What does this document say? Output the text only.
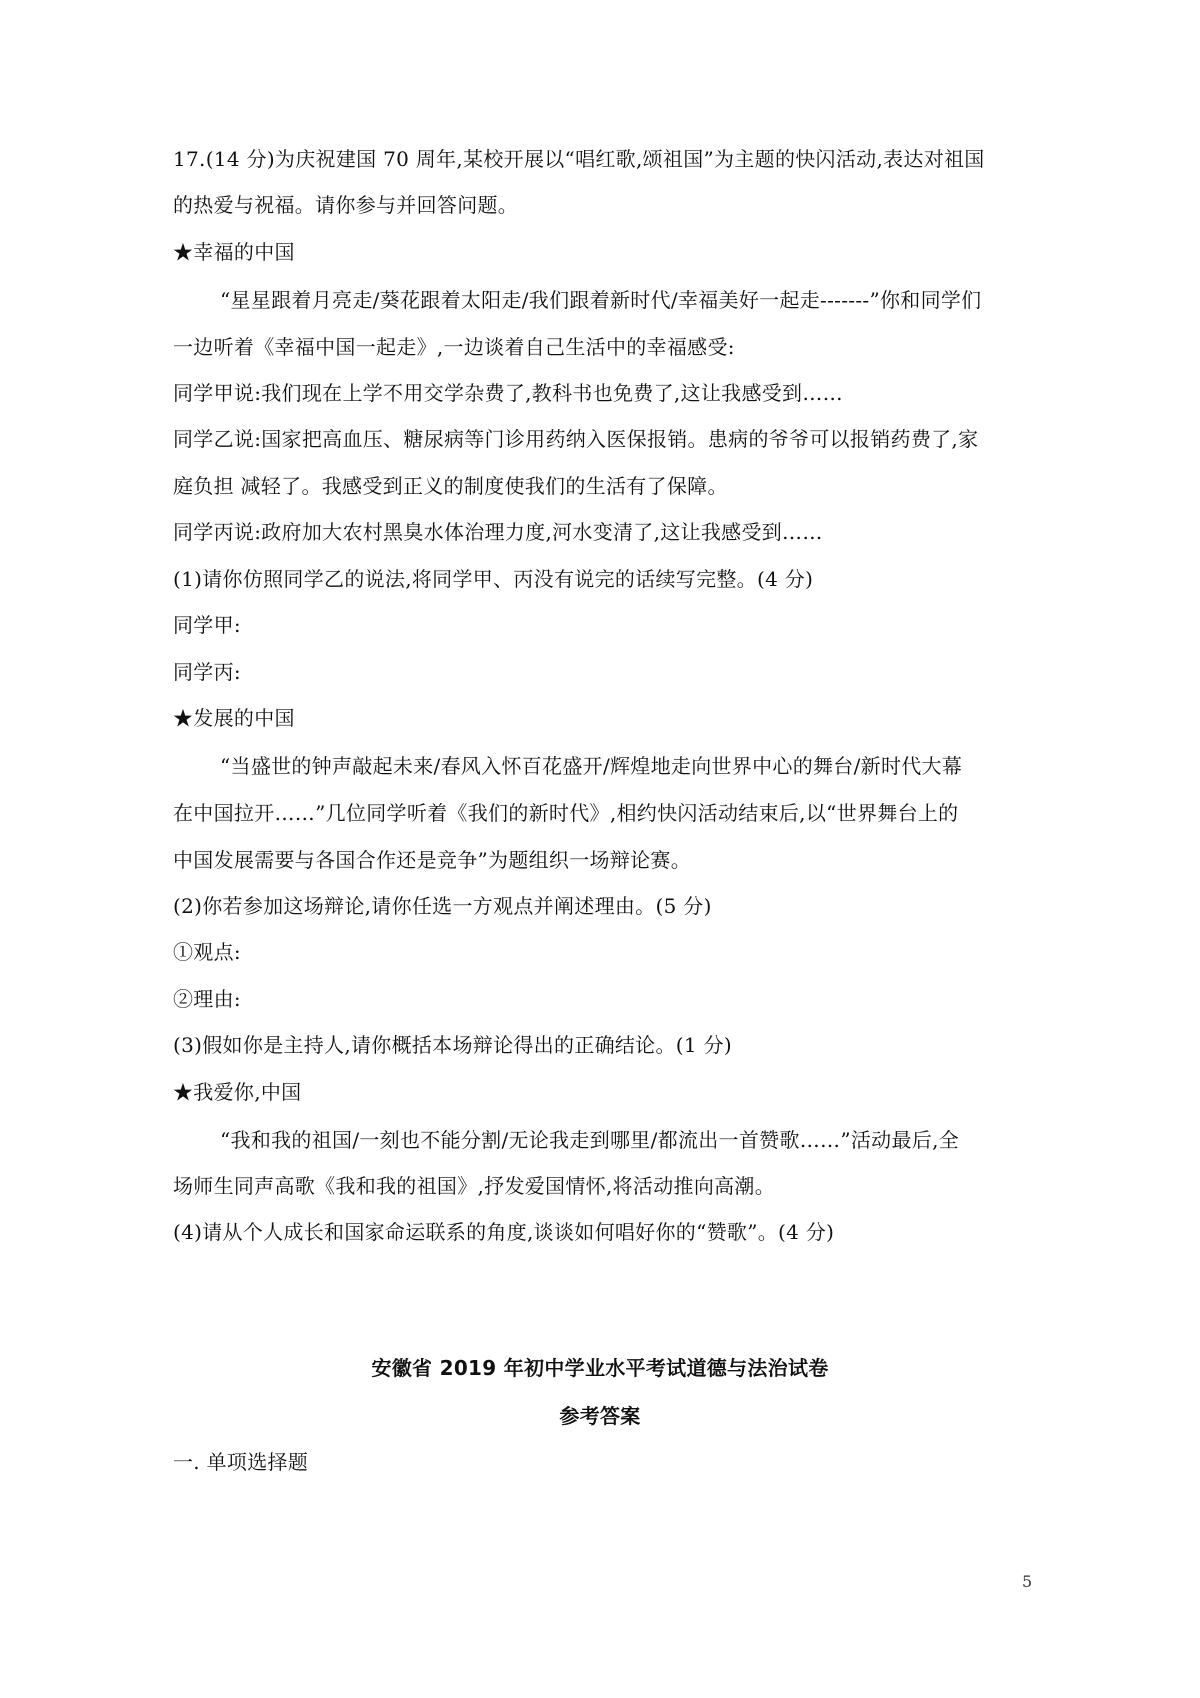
17.(14 分)为庆祝建国 70 周年,某校开展以“唱红歌,颂祖国”为主题的快闪活动,表达对祖国
的热爱与祝福。请你参与并回答问题。
★幸福的中国
“星星跟着月亮走/葵花跟着太阳走/我们跟着新时代/幸福美好一起走-------”你和同学们
一边听着《幸福中国一起走》,一边谈着自己生活中的幸福感受:
同学甲说:我们现在上学不用交学杂费了,教科书也免费了,这让我感受到……
同学乙说:国家把高血压、糖尿病等门诊用药纳入医保报销。患病的爷爷可以报销药费了,家
庭负担 减轻了。我感受到正义的制度使我们的生活有了保障。
同学丙说:政府加大农村黑臭水体治理力度,河水变清了,这让我感受到……
(1)请你仿照同学乙的说法,将同学甲、丙没有说完的话续写完整。(4 分)
同学甲:
同学丙:
★发展的中国
“当盛世的钟声敲起未来/春风入怀百花盛开/辉煌地走向世界中心的舞台/新时代大幕
在中国拉开……”几位同学听着《我们的新时代》,相约快闪活动结束后,以“世界舞台上的
中国发展需要与各国合作还是竞争”为题组织一场辩论赛。
(2)你若参加这场辩论,请你任选一方观点并阐述理由。(5 分)
①观点:
②理由:
(3)假如你是主持人,请你概括本场辩论得出的正确结论。(1 分)
★我爱你,中国
“我和我的祖国/一刻也不能分割/无论我走到哪里/都流出一首赞歌……”活动最后,全
场师生同声高歌《我和我的祖国》,抒发爱国情怀,将活动推向高潮。
(4)请从个人成长和国家命运联系的角度,谈谈如何唱好你的“赞歌”。(4 分)
安徽省 2019 年初中学业水平考试道德与法治试卷
参考答案
一. 单项选择题
5
